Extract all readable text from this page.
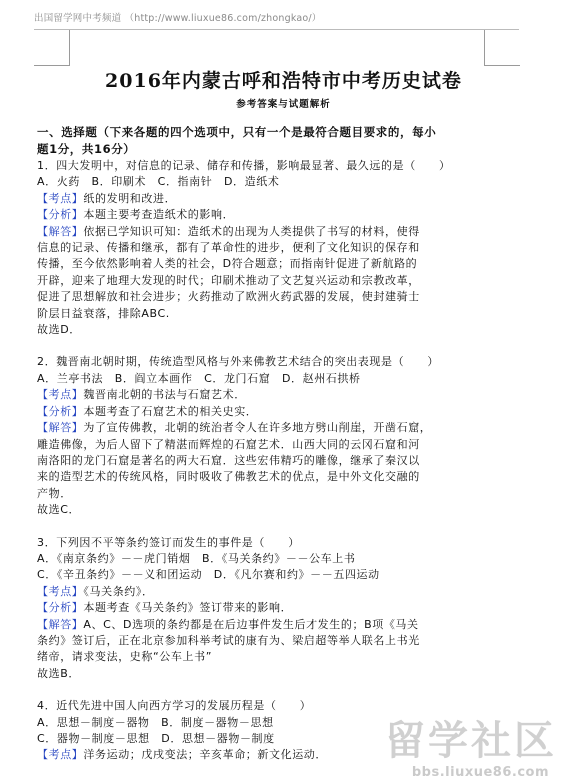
出国留学网中考频道 （http://www.liuxue86.com/zhongkao/）
2016年内蒙古呼和浩特市中考历史试卷
参考答案与试题解析

一、选择题（下来各题的四个选项中，只有一个是最符合题目要求的，每小

题1分，共16分）

1．四大发明中，对信息的记录、储存和传播，影响最显著、最久远的是（　　）

A．火药　B．印刷术　C．指南针　D．造纸术

【考点】纸的发明和改进．

【分析】本题主要考查造纸术的影响．

【解答】依据已学知识可知：造纸术的出现为人类提供了书写的材料，使得

信息的记录、传播和继承，都有了革命性的进步，便利了文化知识的保存和

传播，至今依然影响着人类的社会，D符合题意；而指南针促进了新航路的

开辟，迎来了地理大发现的时代；印刷术推动了文艺复兴运动和宗教改革，

促进了思想解放和社会进步；火药推动了欧洲火药武器的发展，使封建骑士

阶层日益衰落，排除ABC.

故选D．

2．魏晋南北朝时期，传统造型风格与外来佛教艺术结合的突出表现是（　　）

A．兰亭书法　B．阎立本画作　C．龙门石窟　D．赵州石拱桥

【考点】魏晋南北朝的书法与石窟艺术．

【分析】本题考查了石窟艺术的相关史实．

【解答】为了宣传佛教，北朝的统治者令人在许多地方劈山削崖，开凿石窟，

雕造佛像，为后人留下了精湛而辉煌的石窟艺术．山西大同的云冈石窟和河

南洛阳的龙门石窟是著名的两大石窟．这些宏伟精巧的雕像，继承了秦汉以

来的造型艺术的传统风格，同时吸收了佛教艺术的优点，是中外文化交融的

产物．

故选C．

3．下列因不平等条约签订而发生的事件是（　　）

A．《南京条约》－－虎门销烟　B．《马关条约》－－公车上书

C．《辛丑条约》－－义和团运动　D．《凡尔赛和约》－－五四运动

【考点】《马关条约》．

【分析】本题考查《马关条约》签订带来的影响．

【解答】A、C、D选项的条约都是在后边事件发生后才发生的；B项《马关

条约》签订后，正在北京参加科举考试的康有为、梁启超等举人联名上书光

绪帝，请求变法，史称“公车上书”

故选B．

4．近代先进中国人向西方学习的发展历程是（　　）

A．思想－制度－器物　B．制度－器物－思想

C．器物－制度－思想　D．思想－器物－制度

【考点】洋务运动；戊戌变法；辛亥革命；新文化运动．	留学社区
bbs.liuxue86.com
